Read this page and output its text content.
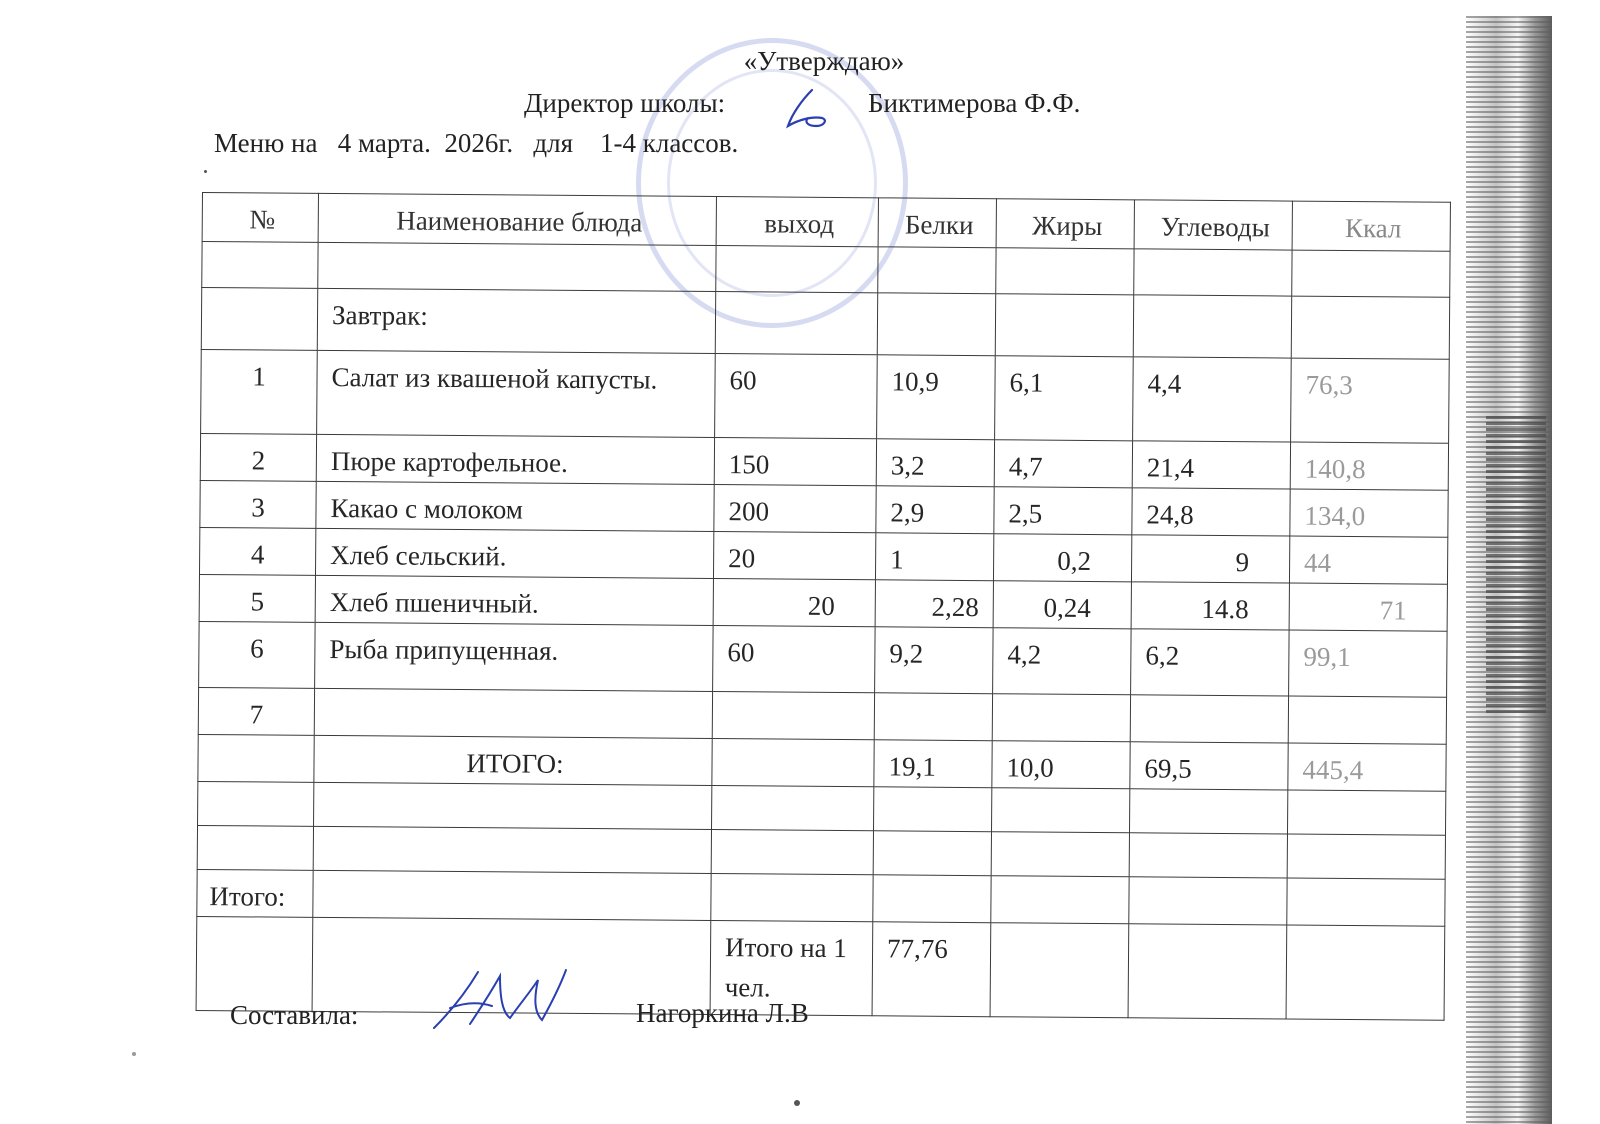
«Утверждаю»
Директор школы:	Биктимерова Ф.Ф.
Меню на   4 марта.  2026г.   для    1-4 классов.
№	Наименование блюда	выход	Белки	Жиры	Углеводы	Ккал

	Завтрак:					
1	Салат из квашеной капусты.	60	10,9	6,1	4,4	76,3
2	Пюре картофельное.	150	3,2	4,7	21,4	140,8
3	Какао с молоком	200	2,9	2,5	24,8	134,0
4	Хлеб сельский.	20	1	0,2	9	44
5	Хлеб пшеничный.	20	2,28	0,24	14.8	71
6	Рыба припущенная.	60	9,2	4,2	6,2	99,1
7						
	ИТОГО:		19,1	10,0	69,5	445,4

Итого:						
		Итого на 1 чел.	77,76			
Составила:	Нагоркина Л.В
